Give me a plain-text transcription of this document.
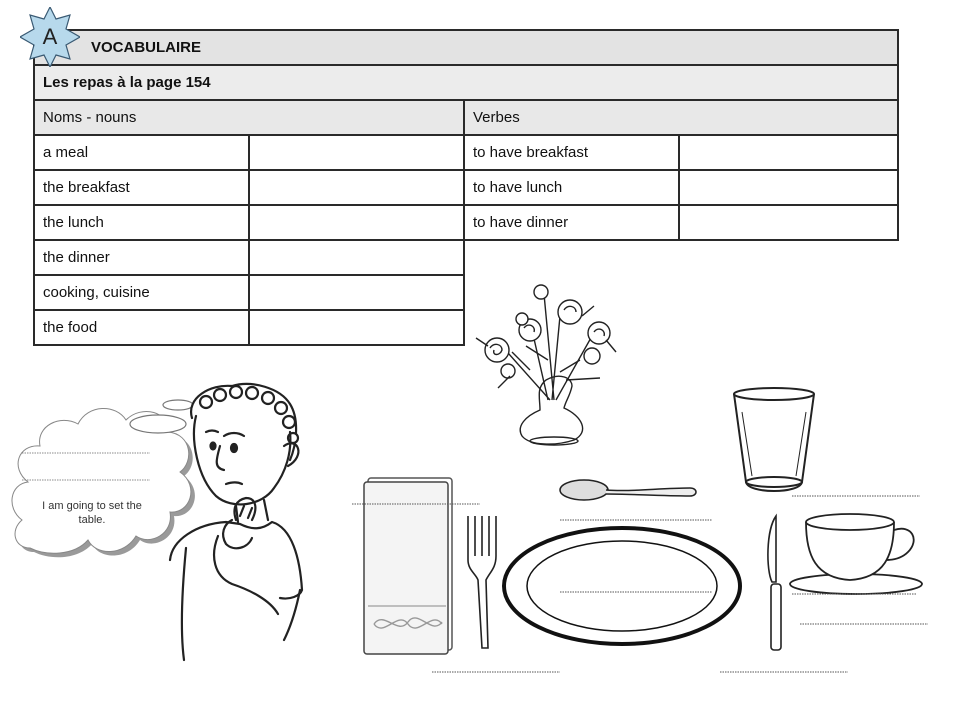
VOCABULAIRE			
Les repas à la page 154			
Noms - nouns		Verbes	
a meal		to have breakfast	
the breakfast		to have lunch	
the lunch		to have dinner	
the dinner			
cooking, cuisine			
the food			
A
I am going to set the table.
